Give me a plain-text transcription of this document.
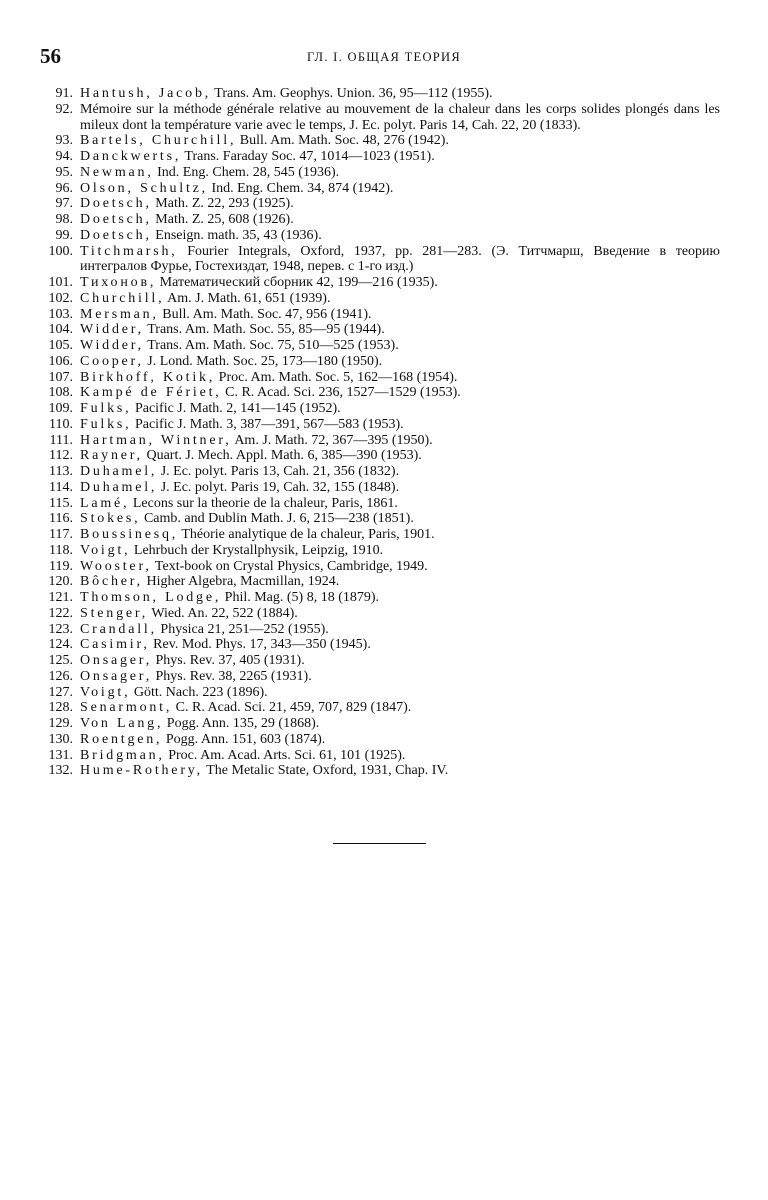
56	ГЛ. I. ОБЩАЯ ТЕОРИЯ
91. Hantush, Jacob, Trans. Am. Geophys. Union. 36, 95—112 (1955).
92. Mémoire sur la méthode générale relative au mouvement de la chaleur dans les corps solides plongés dans les mileux dont la température varie avec le temps, J. Ec. polyt. Paris 14, Cah. 22, 20 (1833).
93. Bartels, Churchill, Bull. Am. Math. Soc. 48, 276 (1942).
94. Danckwerts, Trans. Faraday Soc. 47, 1014—1023 (1951).
95. Newman, Ind. Eng. Chem. 28, 545 (1936).
96. Olson, Schultz, Ind. Eng. Chem. 34, 874 (1942).
97. Doetsch, Math. Z. 22, 293 (1925).
98. Doetsch, Math. Z. 25, 608 (1926).
99. Doetsch, Enseign. math. 35, 43 (1936).
100. Titchmarsh, Fourier Integrals, Oxford, 1937, pp. 281—283. (Э. Титчмарш, Введение в теорию интегралов Фурье, Гостехиздат, 1948, перев. с 1-го изд.)
101. Тихонов, Математический сборник 42, 199—216 (1935).
102. Churchill, Am. J. Math. 61, 651 (1939).
103. Mersman, Bull. Am. Math. Soc. 47, 956 (1941).
104. Widder, Trans. Am. Math. Soc. 55, 85—95 (1944).
105. Widder, Trans. Am. Math. Soc. 75, 510—525 (1953).
106. Cooper, J. Lond. Math. Soc. 25, 173—180 (1950).
107. Birkhoff, Kotik, Proc. Am. Math. Soc. 5, 162—168 (1954).
108. Kampé de Fériet, C. R. Acad. Sci. 236, 1527—1529 (1953).
109. Fulks, Pacific J. Math. 2, 141—145 (1952).
110. Fulks, Pacific J. Math. 3, 387—391, 567—583 (1953).
111. Hartman, Wintner, Am. J. Math. 72, 367—395 (1950).
112. Rayner, Quart. J. Mech. Appl. Math. 6, 385—390 (1953).
113. Duhamel, J. Ec. polyt. Paris 13, Cah. 21, 356 (1832).
114. Duhamel, J. Ec. polyt. Paris 19, Cah. 32, 155 (1848).
115. Lamé, Lecons sur la theorie de la chaleur, Paris, 1861.
116. Stokes, Camb. and Dublin Math. J. 6, 215—238 (1851).
117. Boussinesq, Théorie analytique de la chaleur, Paris, 1901.
118. Voigt, Lehrbuch der Krystallphysik, Leipzig, 1910.
119. Wooster, Text-book on Crystal Physics, Cambridge, 1949.
120. Bôcher, Higher Algebra, Macmillan, 1924.
121. Thomson, Lodge, Phil. Mag. (5) 8, 18 (1879).
122. Stenger, Wied. An. 22, 522 (1884).
123. Crandall, Physica 21, 251—252 (1955).
124. Casimir, Rev. Mod. Phys. 17, 343—350 (1945).
125. Onsager, Phys. Rev. 37, 405 (1931).
126. Onsager, Phys. Rev. 38, 2265 (1931).
127. Voigt, Gött. Nach. 223 (1896).
128. Senarmont, C. R. Acad. Sci. 21, 459, 707, 829 (1847).
129. Von Lang, Pogg. Ann. 135, 29 (1868).
130. Roentgen, Pogg. Ann. 151, 603 (1874).
131. Bridgman, Proc. Am. Acad. Arts. Sci. 61, 101 (1925).
132. Hume-Rothery, The Metalic State, Oxford, 1931, Chap. IV.
